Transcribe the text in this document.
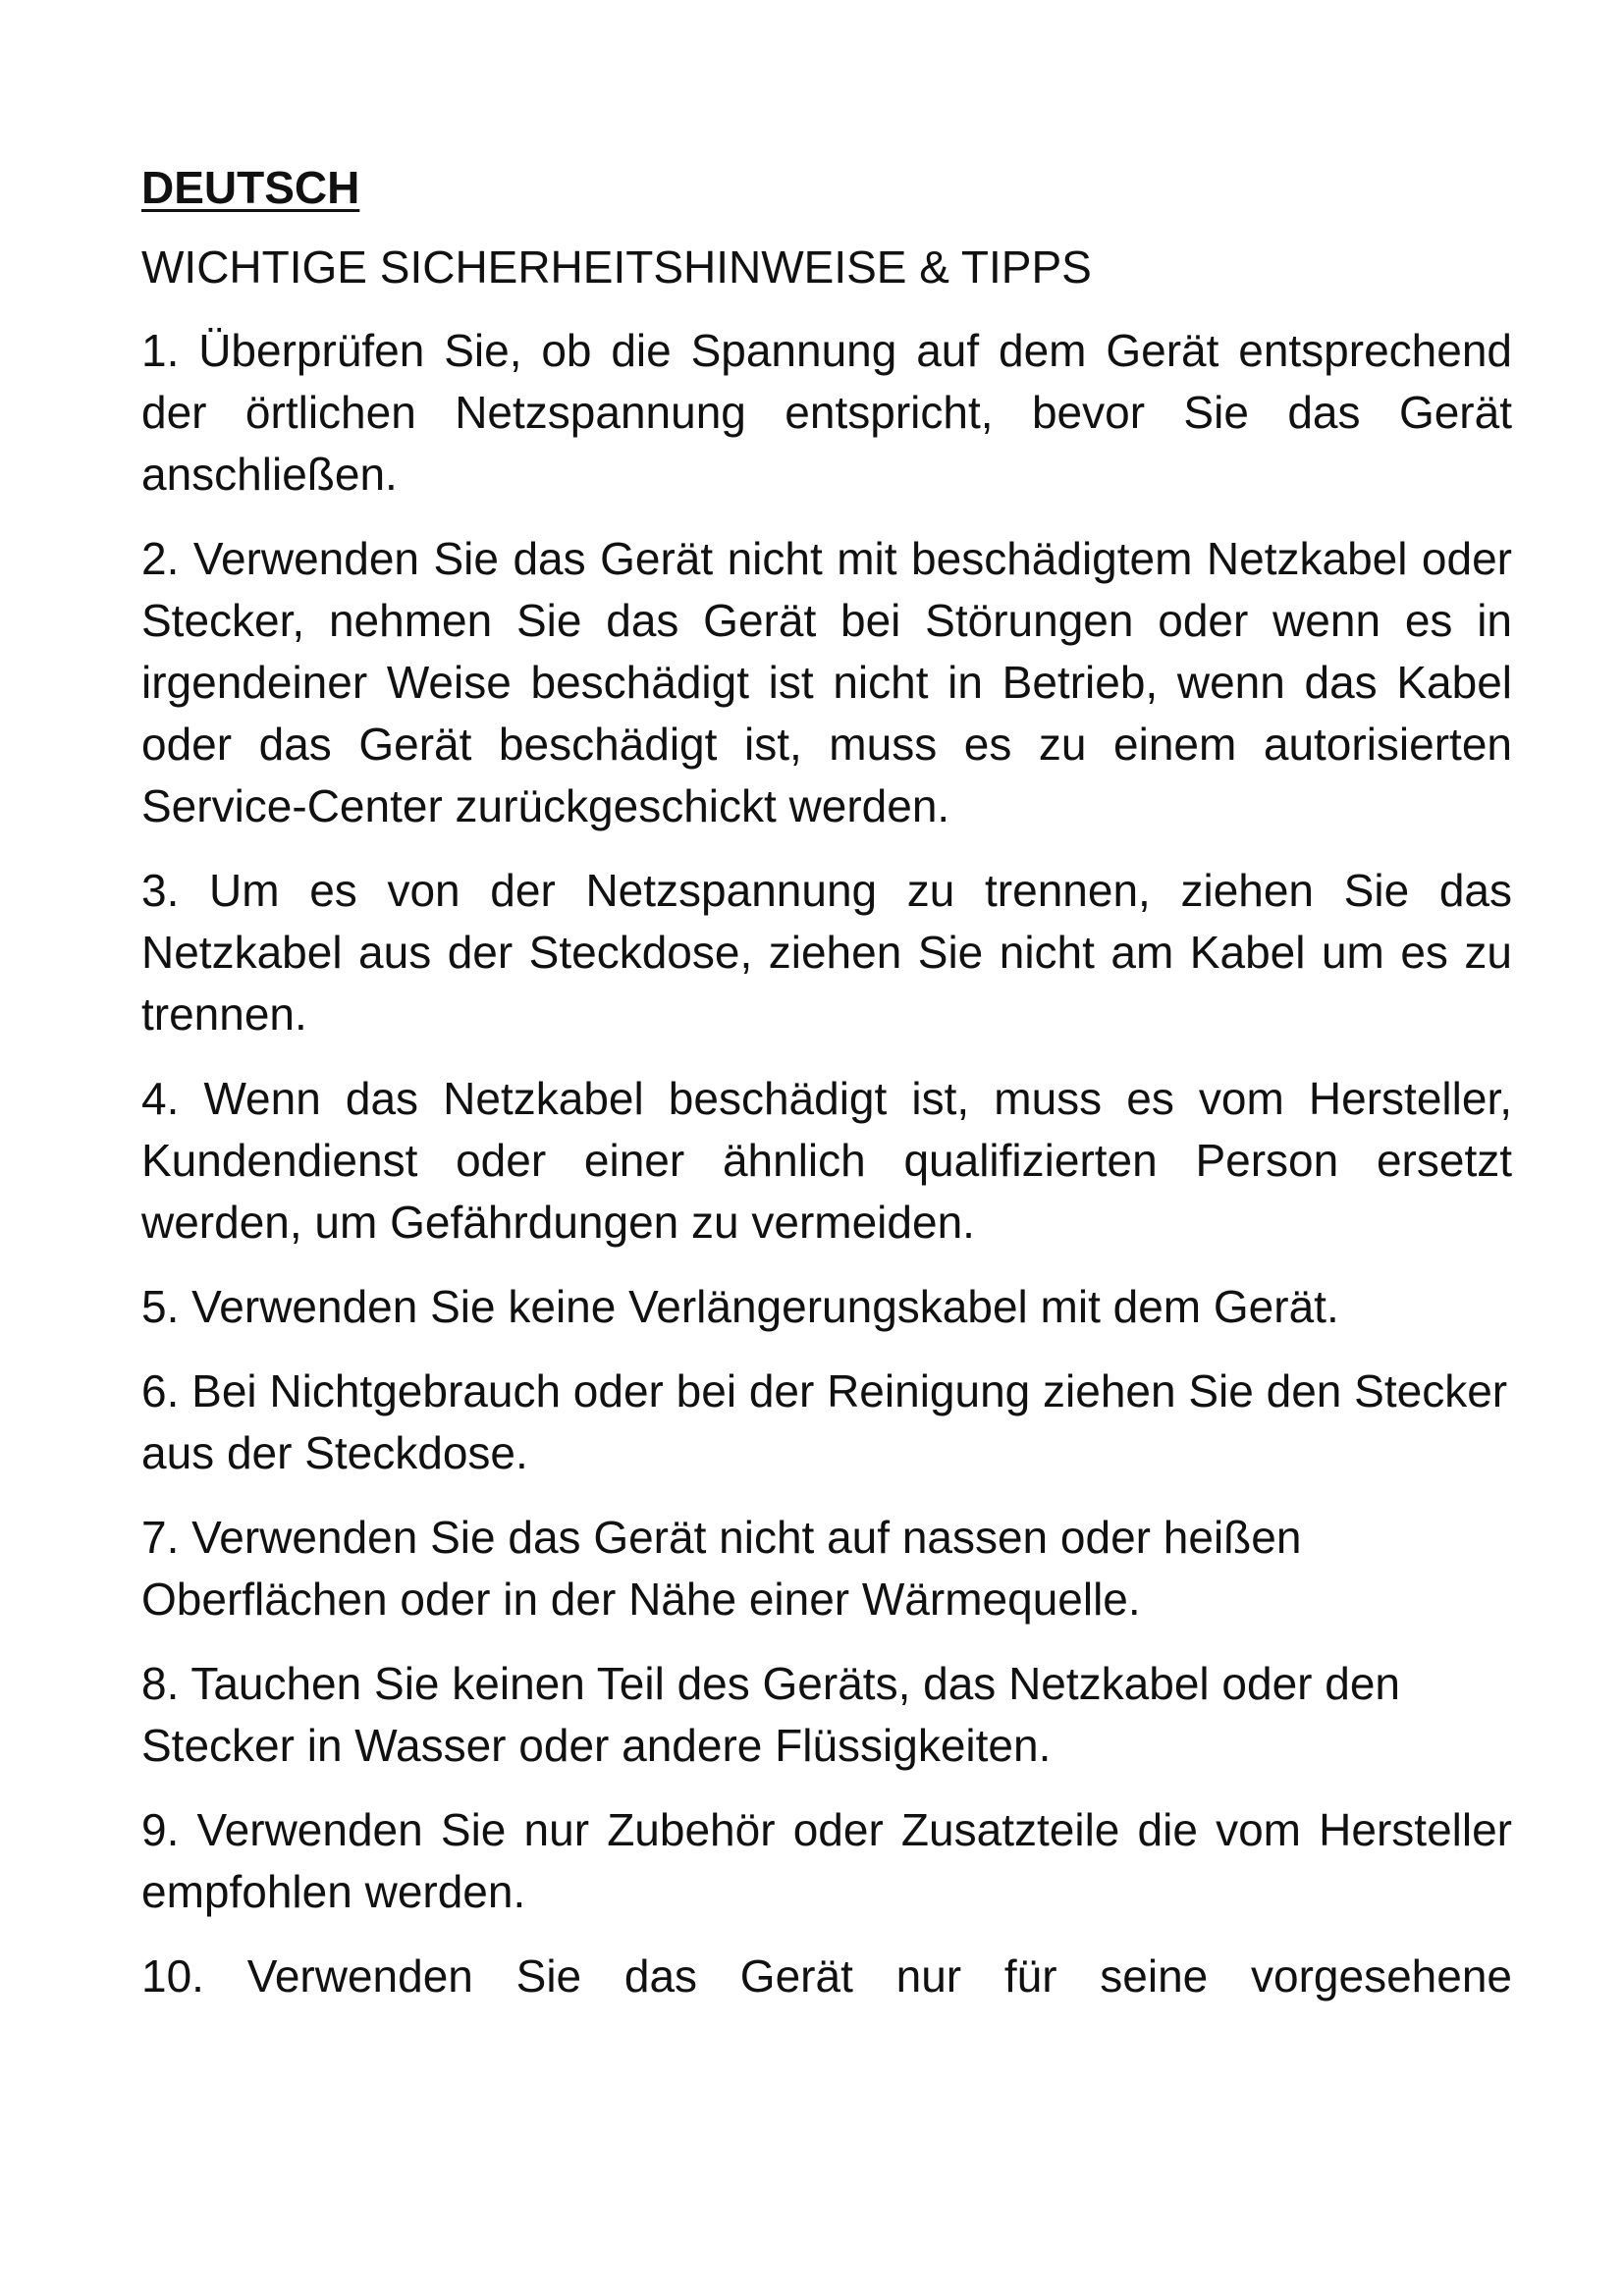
DEUTSCH
WICHTIGE SICHERHEITSHINWEISE & TIPPS
1. Überprüfen Sie, ob die Spannung auf dem Gerät entsprechend der örtlichen Netzspannung entspricht, bevor Sie das Gerät anschließen.
2. Verwenden Sie das Gerät nicht mit beschädigtem Netzkabel oder Stecker, nehmen Sie das Gerät bei Störungen oder wenn es in irgendeiner Weise beschädigt ist nicht in Betrieb, wenn das Kabel oder das Gerät beschädigt ist, muss es zu einem autorisierten Service-Center zurückgeschickt werden.
3. Um es von der Netzspannung zu trennen, ziehen Sie das Netzkabel aus der Steckdose, ziehen Sie nicht am Kabel um es zu trennen.
4. Wenn das Netzkabel beschädigt ist, muss es vom Hersteller, Kundendienst oder einer ähnlich qualifizierten Person ersetzt werden, um Gefährdungen zu vermeiden.
5. Verwenden Sie keine Verlängerungskabel mit dem Gerät.
6. Bei Nichtgebrauch oder bei der Reinigung ziehen Sie den Stecker aus der Steckdose.
7. Verwenden Sie das Gerät nicht auf nassen oder heißen Oberflächen oder in der Nähe einer Wärmequelle.
8. Tauchen Sie keinen Teil des Geräts, das Netzkabel oder den Stecker in Wasser oder andere Flüssigkeiten.
9. Verwenden Sie nur Zubehör oder Zusatzteile die vom Hersteller empfohlen werden.
10. Verwenden Sie das Gerät nur für seine vorgesehene
